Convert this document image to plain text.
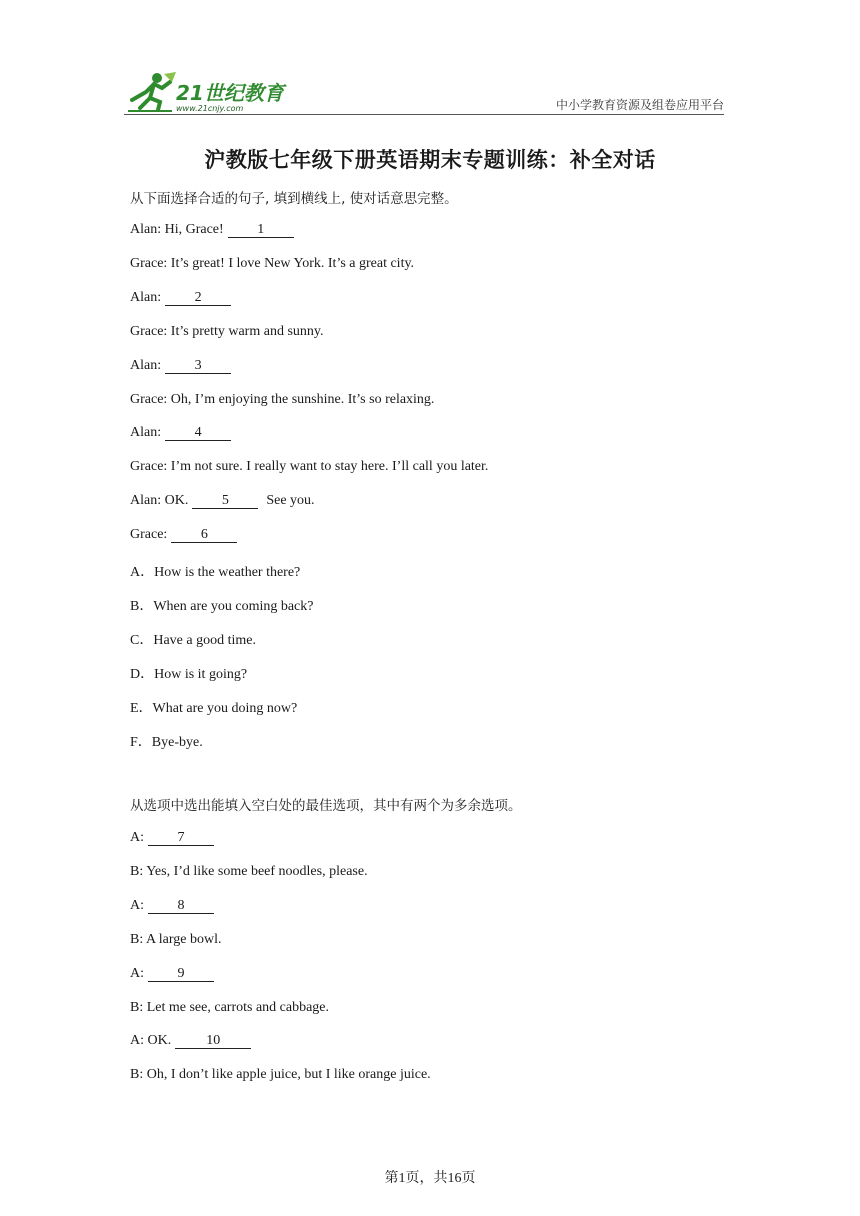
21世纪教育
www.21cnjy.com	中小学教育资源及组卷应用平台
沪教版七年级下册英语期末专题训练：补全对话
从下面选择合适的句子, 填到横线上, 使对话意思完整。
Alan: Hi, Grace! 1
Grace: It’s great! I love New York. It’s a great city.
Alan: 2
Grace: It’s pretty warm and sunny.
Alan: 3
Grace: Oh, I’m enjoying the sunshine. It’s so relaxing.
Alan: 4
Grace: I’m not sure. I really want to stay here. I’ll call you later.
Alan: OK. 5	See you.
Grace: 6
A．How is the weather there?
B．When are you coming back?
C．Have a good time.
D．How is it going?
E．What are you doing now?
F．Bye-bye.
从选项中选出能填入空白处的最佳选项，其中有两个为多余选项。
A: 7
B: Yes, I’d like some beef noodles, please.
A: 8
B: A large bowl.
A: 9
B: Let me see, carrots and cabbage.
A: OK.	10
B: Oh, I don’t like apple juice, but I like orange juice.
第1页，共16页
